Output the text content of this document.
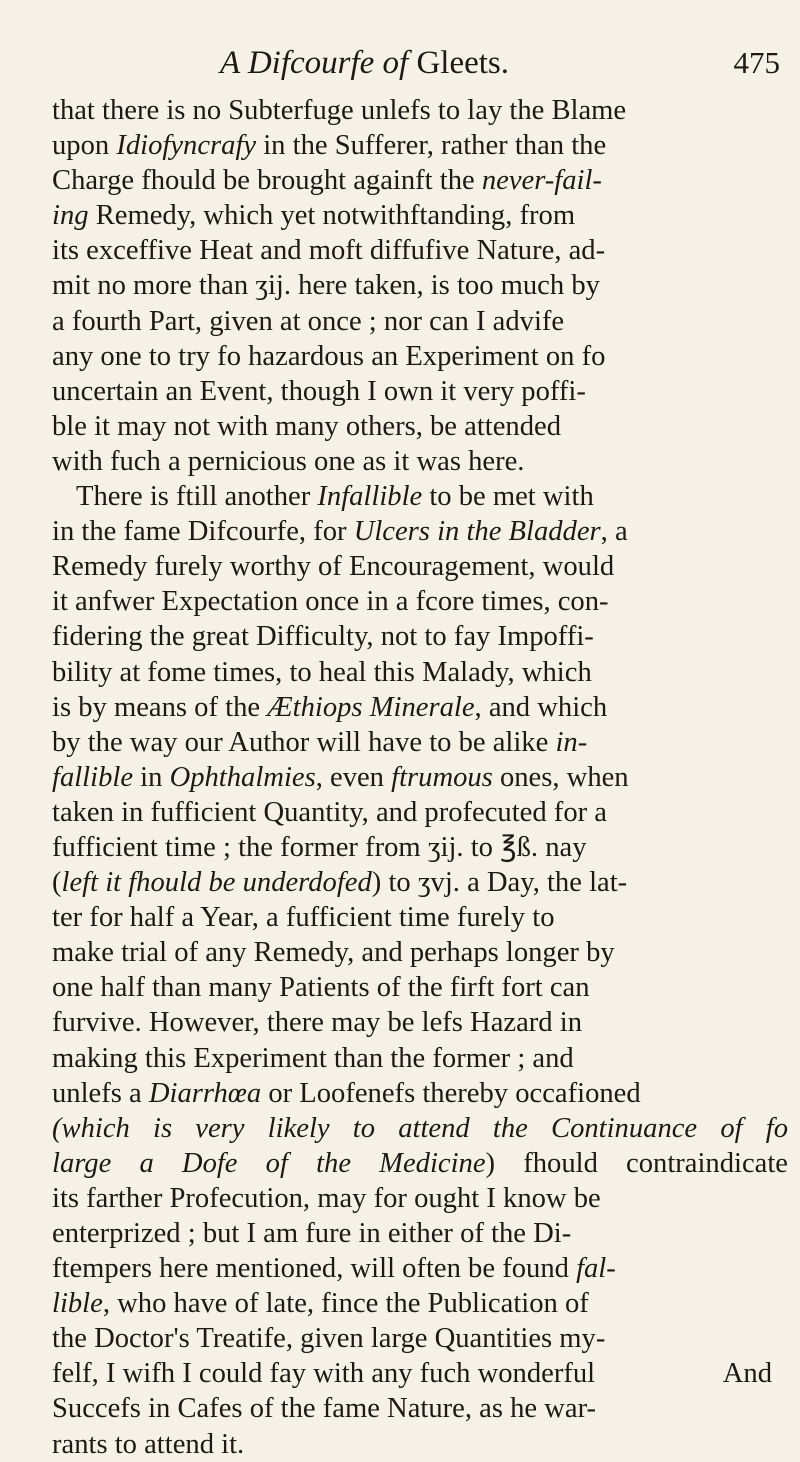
A Difcourfe of Gleets.	475
that there is no Subterfuge unlefs to lay the Blame
upon Idiofyncrafy in the Sufferer, rather than the
Charge fhould be brought againft the never-fail-
ing Remedy, which yet notwithftanding, from
its exceffive Heat and moft diffufive Nature, ad-
mit no more than ʒij. here taken, is too much by
a fourth Part, given at once ; nor can I advife
any one to try fo hazardous an Experiment on fo
uncertain an Event, though I own it very poffi-
ble it may not with many others, be attended
with fuch a pernicious one as it was here.
There is ftill another Infallible to be met with
in the fame Difcourfe, for Ulcers in the Bladder, a
Remedy furely worthy of Encouragement, would
it anfwer Expectation once in a fcore times, con-
fidering the great Difficulty, not to fay Impoffi-
bility at fome times, to heal this Malady, which
is by means of the Æthiops Minerale, and which
by the way our Author will have to be alike in-
fallible in Ophthalmies, even ftrumous ones, when
taken in fufficient Quantity, and profecuted for a
fufficient time ; the former from ʒij. to ℥ß. nay
(left it fhould be underdofed) to ʒvj. a Day, the lat-
ter for half a Year, a fufficient time furely to
make trial of any Remedy, and perhaps longer by
one half than many Patients of the firft fort can
furvive. However, there may be lefs Hazard in
making this Experiment than the former ; and
unlefs a Diarrhœa or Loofenefs thereby occafioned
(which is very likely to attend the Continuance of fo
large a Dofe of the Medicine) fhould contraindicate
its farther Profecution, may for ought I know be
enterprized ; but I am fure in either of the Di-
ftempers here mentioned, will often be found fal-
lible, who have of late, fince the Publication of
the Doctor's Treatife, given large Quantities my-
felf, I wifh I could fay with any fuch wonderful
Succefs in Cafes of the fame Nature, as he war-
rants to attend it.
And
